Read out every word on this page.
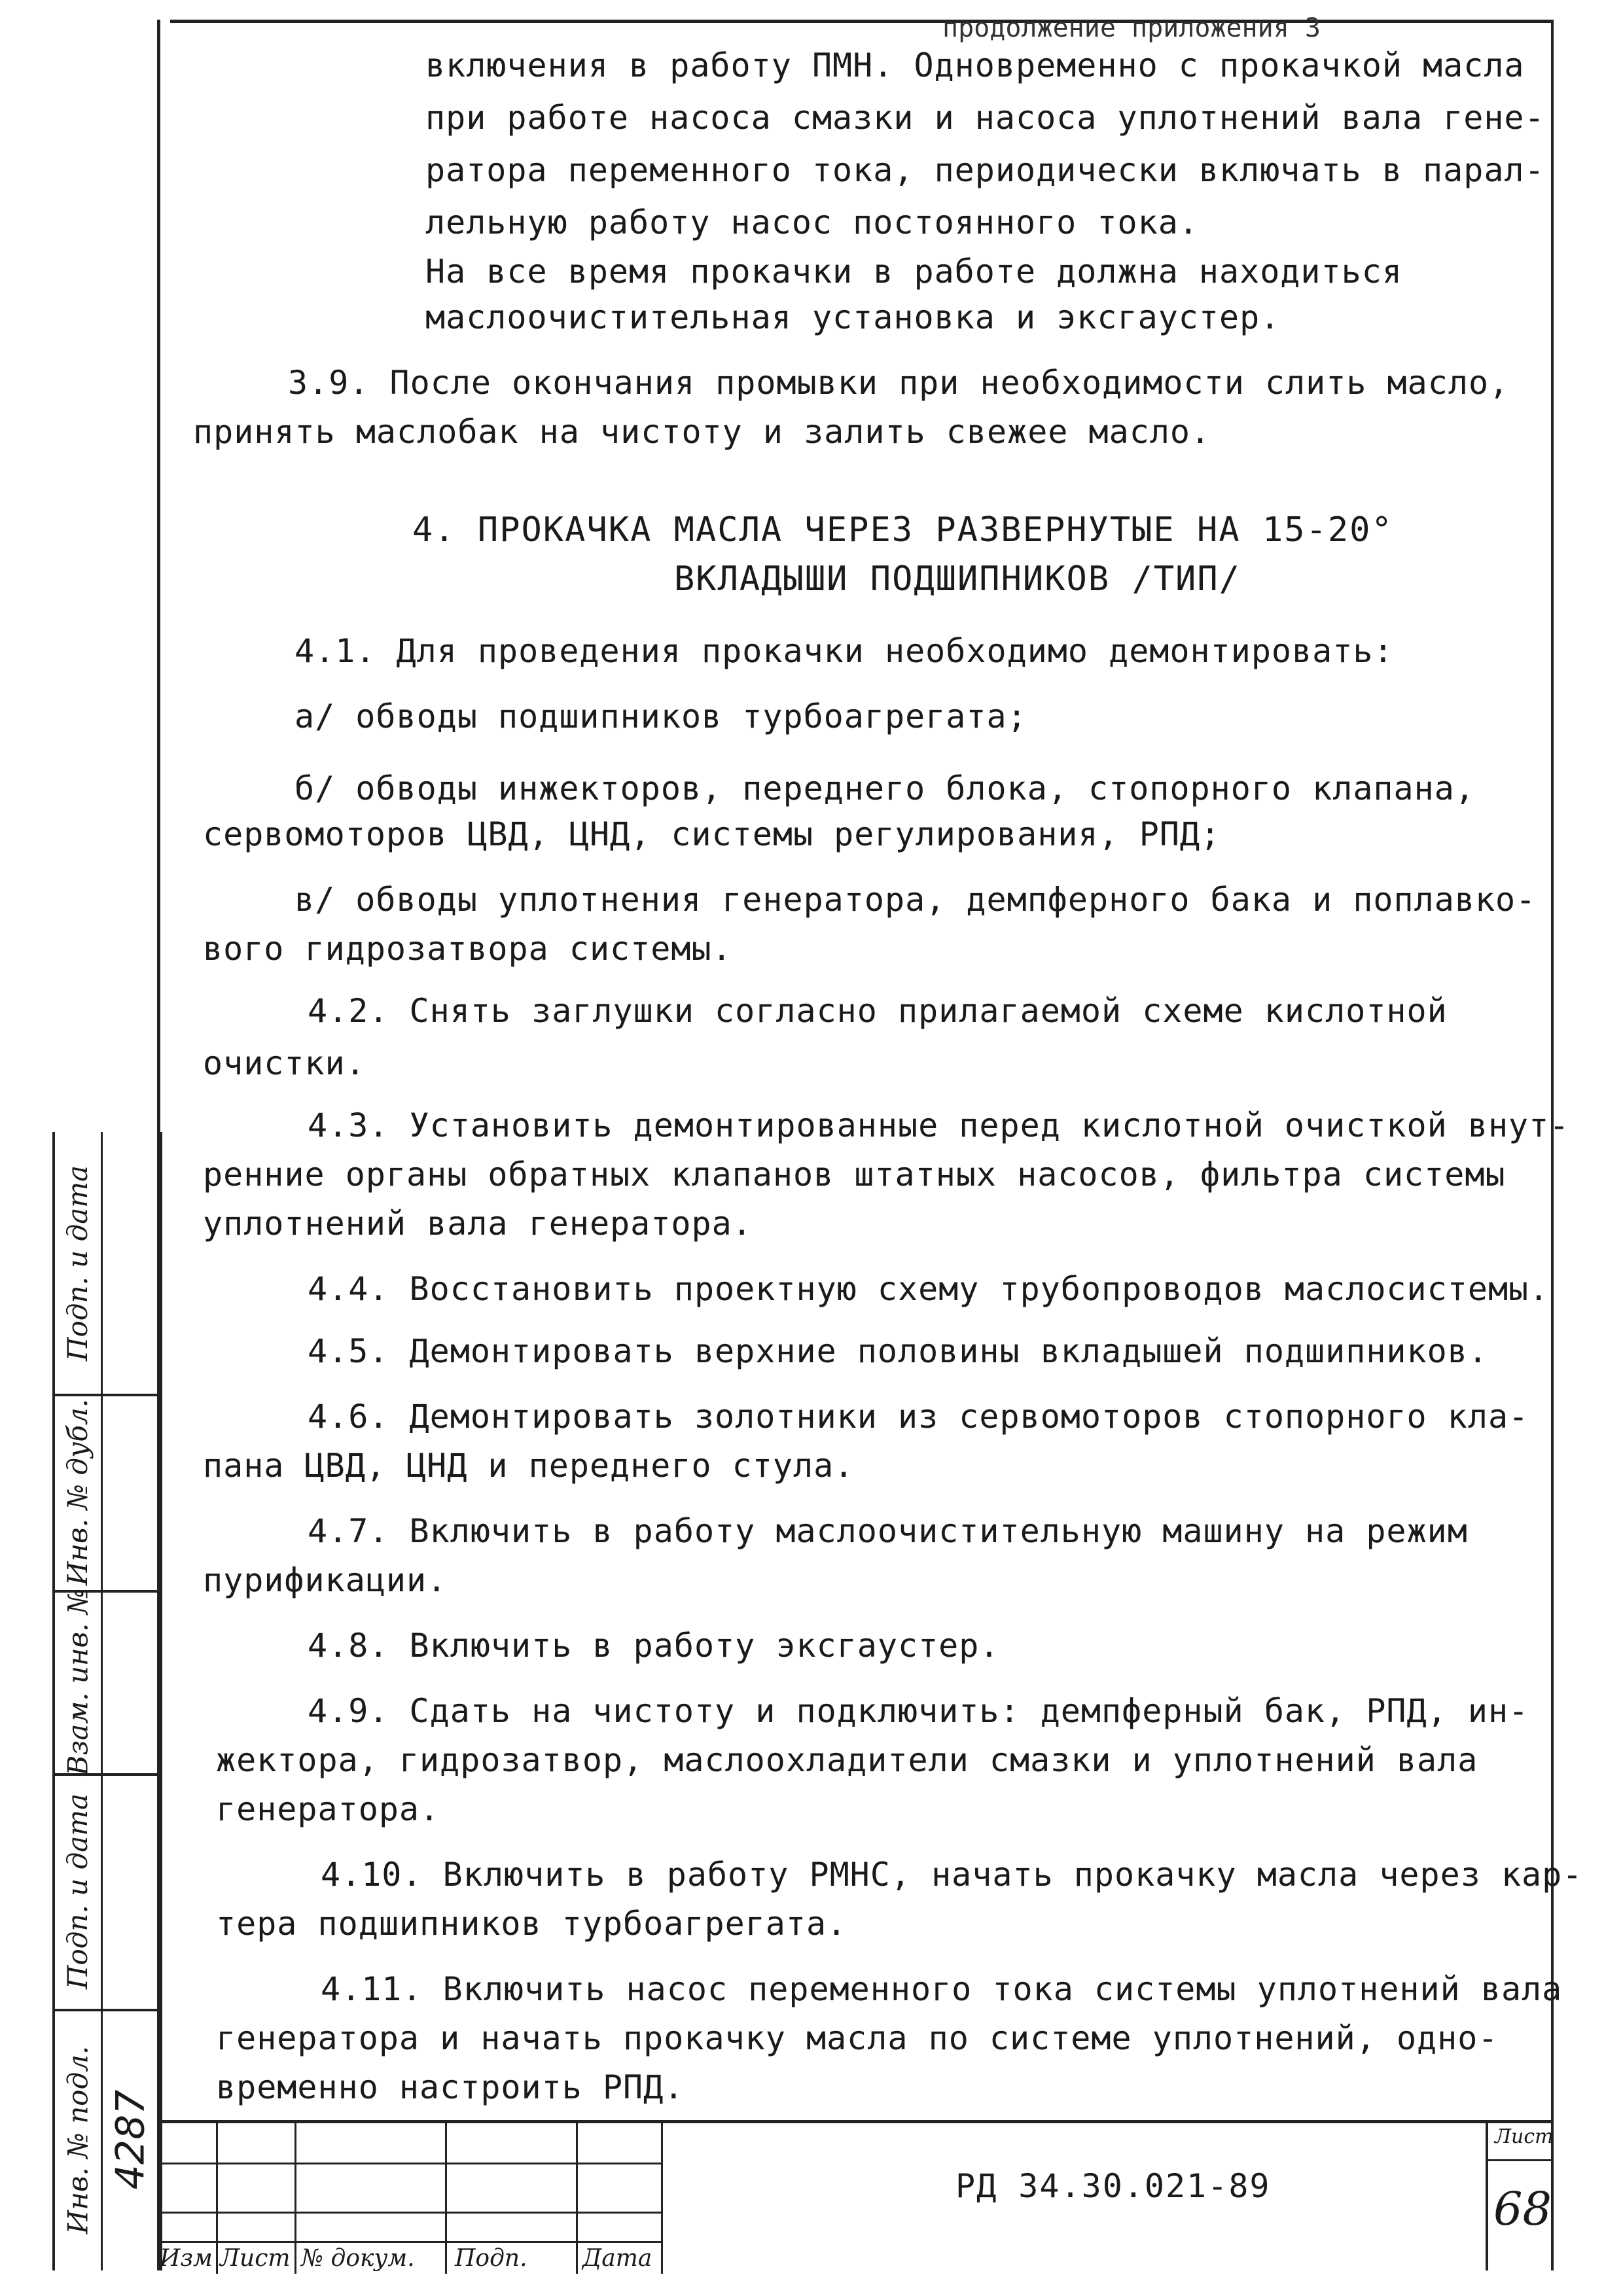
продолжение приложения 3
включения в работу ПМН. Одновременно с прокачкой масла
при работе насоса смазки и насоса уплотнений вала гене-
ратора переменного тока, периодически включать в парал-
лельную работу насос постоянного тока.
На все время прокачки в работе должна находиться
маслоочистительная установка и эксгаустер.
3.9. После окончания промывки при необходимости слить масло,
принять маслобак на чистоту и залить свежее масло.
4. ПРОКАЧКА МАСЛА ЧЕРЕЗ РАЗВЕРНУТЫЕ НА 15-20°
ВКЛАДЫШИ ПОДШИПНИКОВ /ТИП/
4.1. Для проведения прокачки необходимо демонтировать:
а/ обводы подшипников турбоагрегата;
б/ обводы инжекторов, переднего блока, стопорного клапана,
сервомоторов ЦВД, ЦНД, системы регулирования, РПД;
в/ обводы уплотнения генератора, демпферного бака и поплавко-
вого гидрозатвора системы.
4.2. Снять заглушки согласно прилагаемой схеме кислотной
очистки.
4.3. Установить демонтированные перед кислотной очисткой внут-
ренние органы обратных клапанов штатных насосов, фильтра системы
уплотнений вала генератора.
4.4. Восстановить проектную схему трубопроводов маслосистемы.
4.5. Демонтировать верхние половины вкладышей подшипников.
4.6. Демонтировать золотники из сервомоторов стопорного кла-
пана ЦВД, ЦНД и переднего стула.
4.7. Включить в работу маслоочистительную машину на режим
пурификации.
4.8. Включить в работу эксгаустер.
4.9. Сдать на чистоту и подключить: демпферный бак, РПД, ин-
жектора, гидрозатвор, маслоохладители смазки и уплотнений вала
генератора.
4.10. Включить в работу РМНС, начать прокачку масла через кар-
тера подшипников турбоагрегата.
4.11. Включить насос переменного тока системы уплотнений вала
генератора и начать прокачку масла по системе уплотнений, одно-
временно настроить РПД.
Подп. и дата
Инв. № дубл.
Взам. инв. №
Подп. и дата
Инв. № подл. 4287
Изм Лист № докум. Подп. Дата
РД 34.30.021-89
Лист
68
